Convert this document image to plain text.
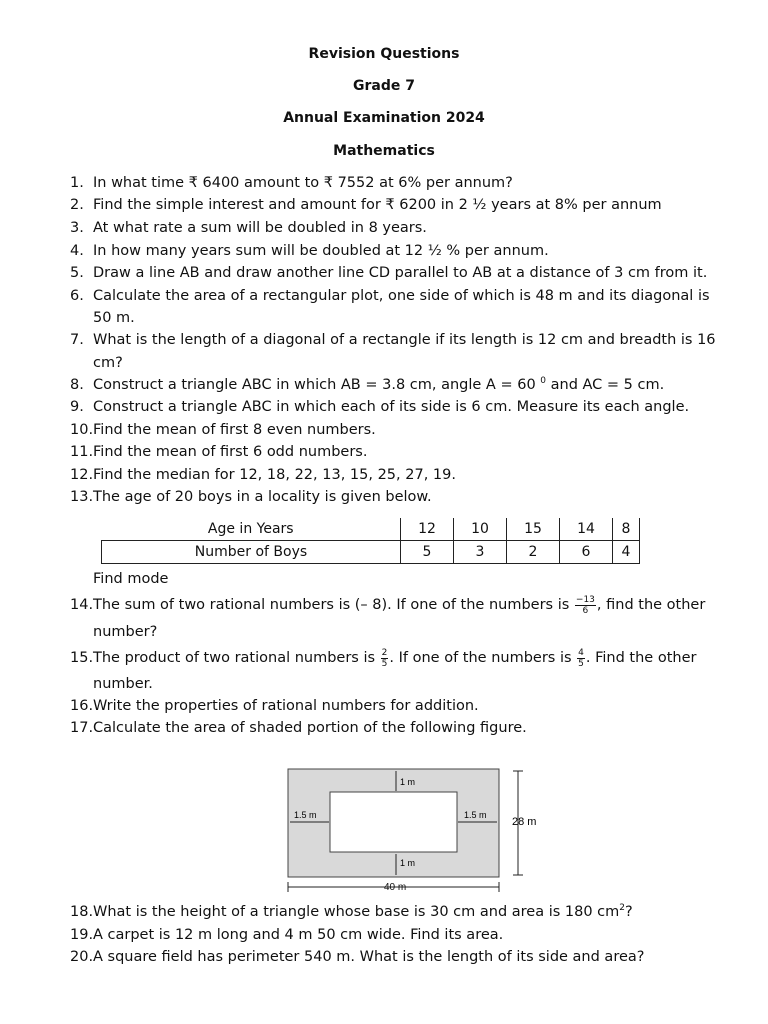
Revision Questions
Grade 7
Annual Examination 2024
Mathematics
1. In what time ₹ 6400 amount to ₹ 7552 at 6% per annum?
2. Find the simple interest and amount for ₹ 6200 in 2 ½ years at 8% per annum
3. At what rate a sum will be doubled in 8 years.
4. In how many years sum will be doubled at 12 ½ % per annum.
5. Draw a line AB and draw another line CD parallel to AB at a distance of 3 cm from it.
6. Calculate the area of a rectangular plot, one side of which is 48 m and its diagonal is
50 m.
7. What is the length of a diagonal of a rectangle if its length is 12 cm and breadth is 16
cm?
8. Construct a triangle ABC in which AB = 3.8 cm, angle A = 60 $^0$ and AC = 5 cm.
9. Construct a triangle ABC in which each of its side is 6 cm. Measure its each angle.
10.Find the mean of first 8 even numbers.
11.Find the mean of first 6 odd numbers.
12.Find the median for 12, 18, 22, 13, 15, 25, 27, 19.
13.The age of 20 boys in a locality is given below.
Age in Years	12	10	15	14	8
Number of Boys	5	3	2	6	4
Find mode
14.The sum of two rational numbers is (– 8). If one of the numbers is $\frac{-13}{6}$ , find the other
number?
15.The product of two rational numbers is $\frac{2}{5}$ . If one of the numbers is $\frac{4}{5}$ . Find the other
number.
16.Write the properties of rational numbers for addition.
17.Calculate the area of shaded portion of the following figure.
1 m
1 m
1.5 m	1.5 m
28 m
40 m
18.What is the height of a triangle whose base is 30 cm and area is 180 $cm^2$?
19.A carpet is 12 m long and 4 m 50 cm wide. Find its area.
20.A square field has perimeter 540 m. What is the length of its side and area?
